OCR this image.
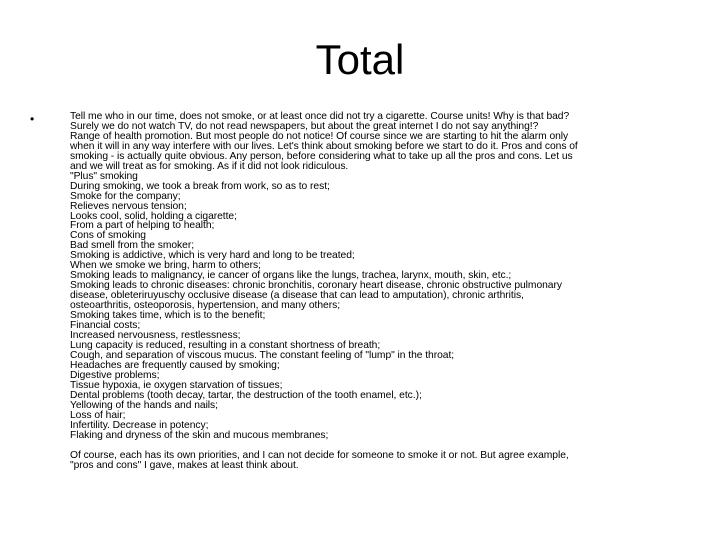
Total
•	Tell me who in our time, does not smoke, or at least once did not try a cigarette. Course units! Why is that bad?
Surely we do not watch TV, do not read newspapers, but about the great internet I do not say anything!?
Range of health promotion. But most people do not notice! Of course since we are starting to hit the alarm only
when it will in any way interfere with our lives. Let's think about smoking before we start to do it. Pros and cons of
smoking - is actually quite obvious. Any person, before considering what to take up all the pros and cons. Let us
and we will treat as for smoking. As if it did not look ridiculous.
"Plus" smoking
During smoking, we took a break from work, so as to rest;
Smoke for the company;
Relieves nervous tension;
Looks cool, solid, holding a cigarette;
From a part of helping to health;
Cons of smoking
Bad smell from the smoker;
Smoking is addictive, which is very hard and long to be treated;
When we smoke we bring, harm to others;
Smoking leads to malignancy, ie cancer of organs like the lungs, trachea, larynx, mouth, skin, etc.;
Smoking leads to chronic diseases: chronic bronchitis, coronary heart disease, chronic obstructive pulmonary
disease, obleteriruyuschy occlusive disease (a disease that can lead to amputation), chronic arthritis,
osteoarthritis, osteoporosis, hypertension, and many others;
Smoking takes time, which is to the benefit;
Financial costs;
Increased nervousness, restlessness;
Lung capacity is reduced, resulting in a constant shortness of breath;
Cough, and separation of viscous mucus. The constant feeling of "lump" in the throat;
Headaches are frequently caused by smoking;
Digestive problems;
Tissue hypoxia, ie oxygen starvation of tissues;
Dental problems (tooth decay, tartar, the destruction of the tooth enamel, etc.);
Yellowing of the hands and nails;
Loss of hair;
Infertility. Decrease in potency;
Flaking and dryness of the skin and mucous membranes;
Of course, each has its own priorities, and I can not decide for someone to smoke it or not. But agree example,
"pros and cons" I gave, makes at least think about.
